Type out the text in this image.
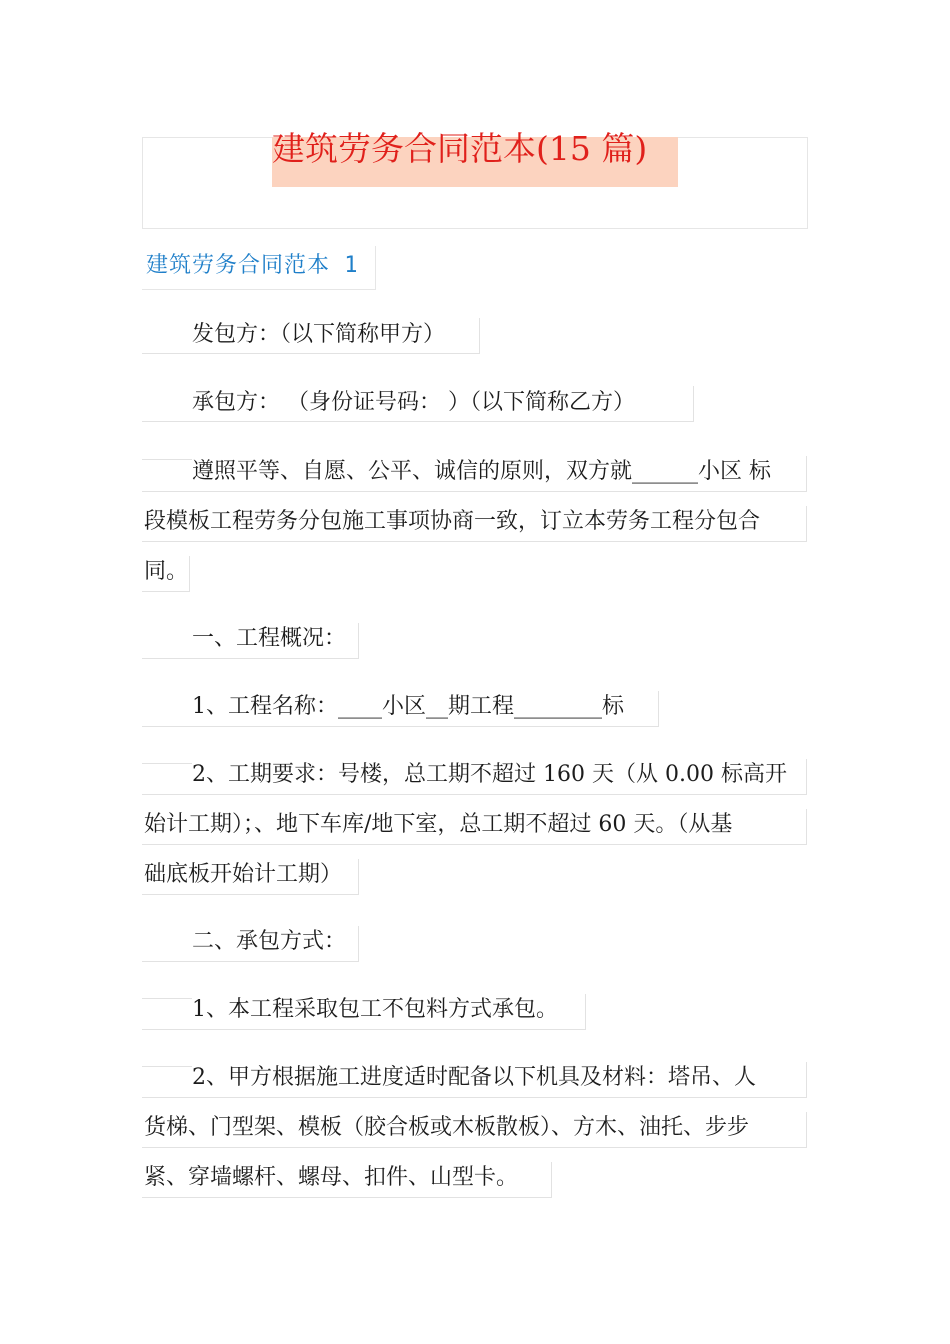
建筑劳务合同范本(15 篇)
建筑劳务合同范本 1
发包方：（以下简称甲方）
承包方： （身份证号码： ）（以下简称乙方）
遵照平等、自愿、公平、诚信的原则，双方就______小区 标
段模板工程劳务分包施工事项协商一致，订立本劳务工程分包合
同。
一、工程概况：
1、工程名称：____小区__期工程________标
2、工期要求：号楼，总工期不超过 160 天（从 0.00 标高开
始计工期）；、地下车库/地下室，总工期不超过 60 天。（从基
础底板开始计工期）
二、承包方式：
1、本工程采取包工不包料方式承包。
2、甲方根据施工进度适时配备以下机具及材料：塔吊、人
货梯、门型架、模板（胶合板或木板散板）、方木、油托、步步
紧、穿墙螺杆、螺母、扣件、山型卡。
